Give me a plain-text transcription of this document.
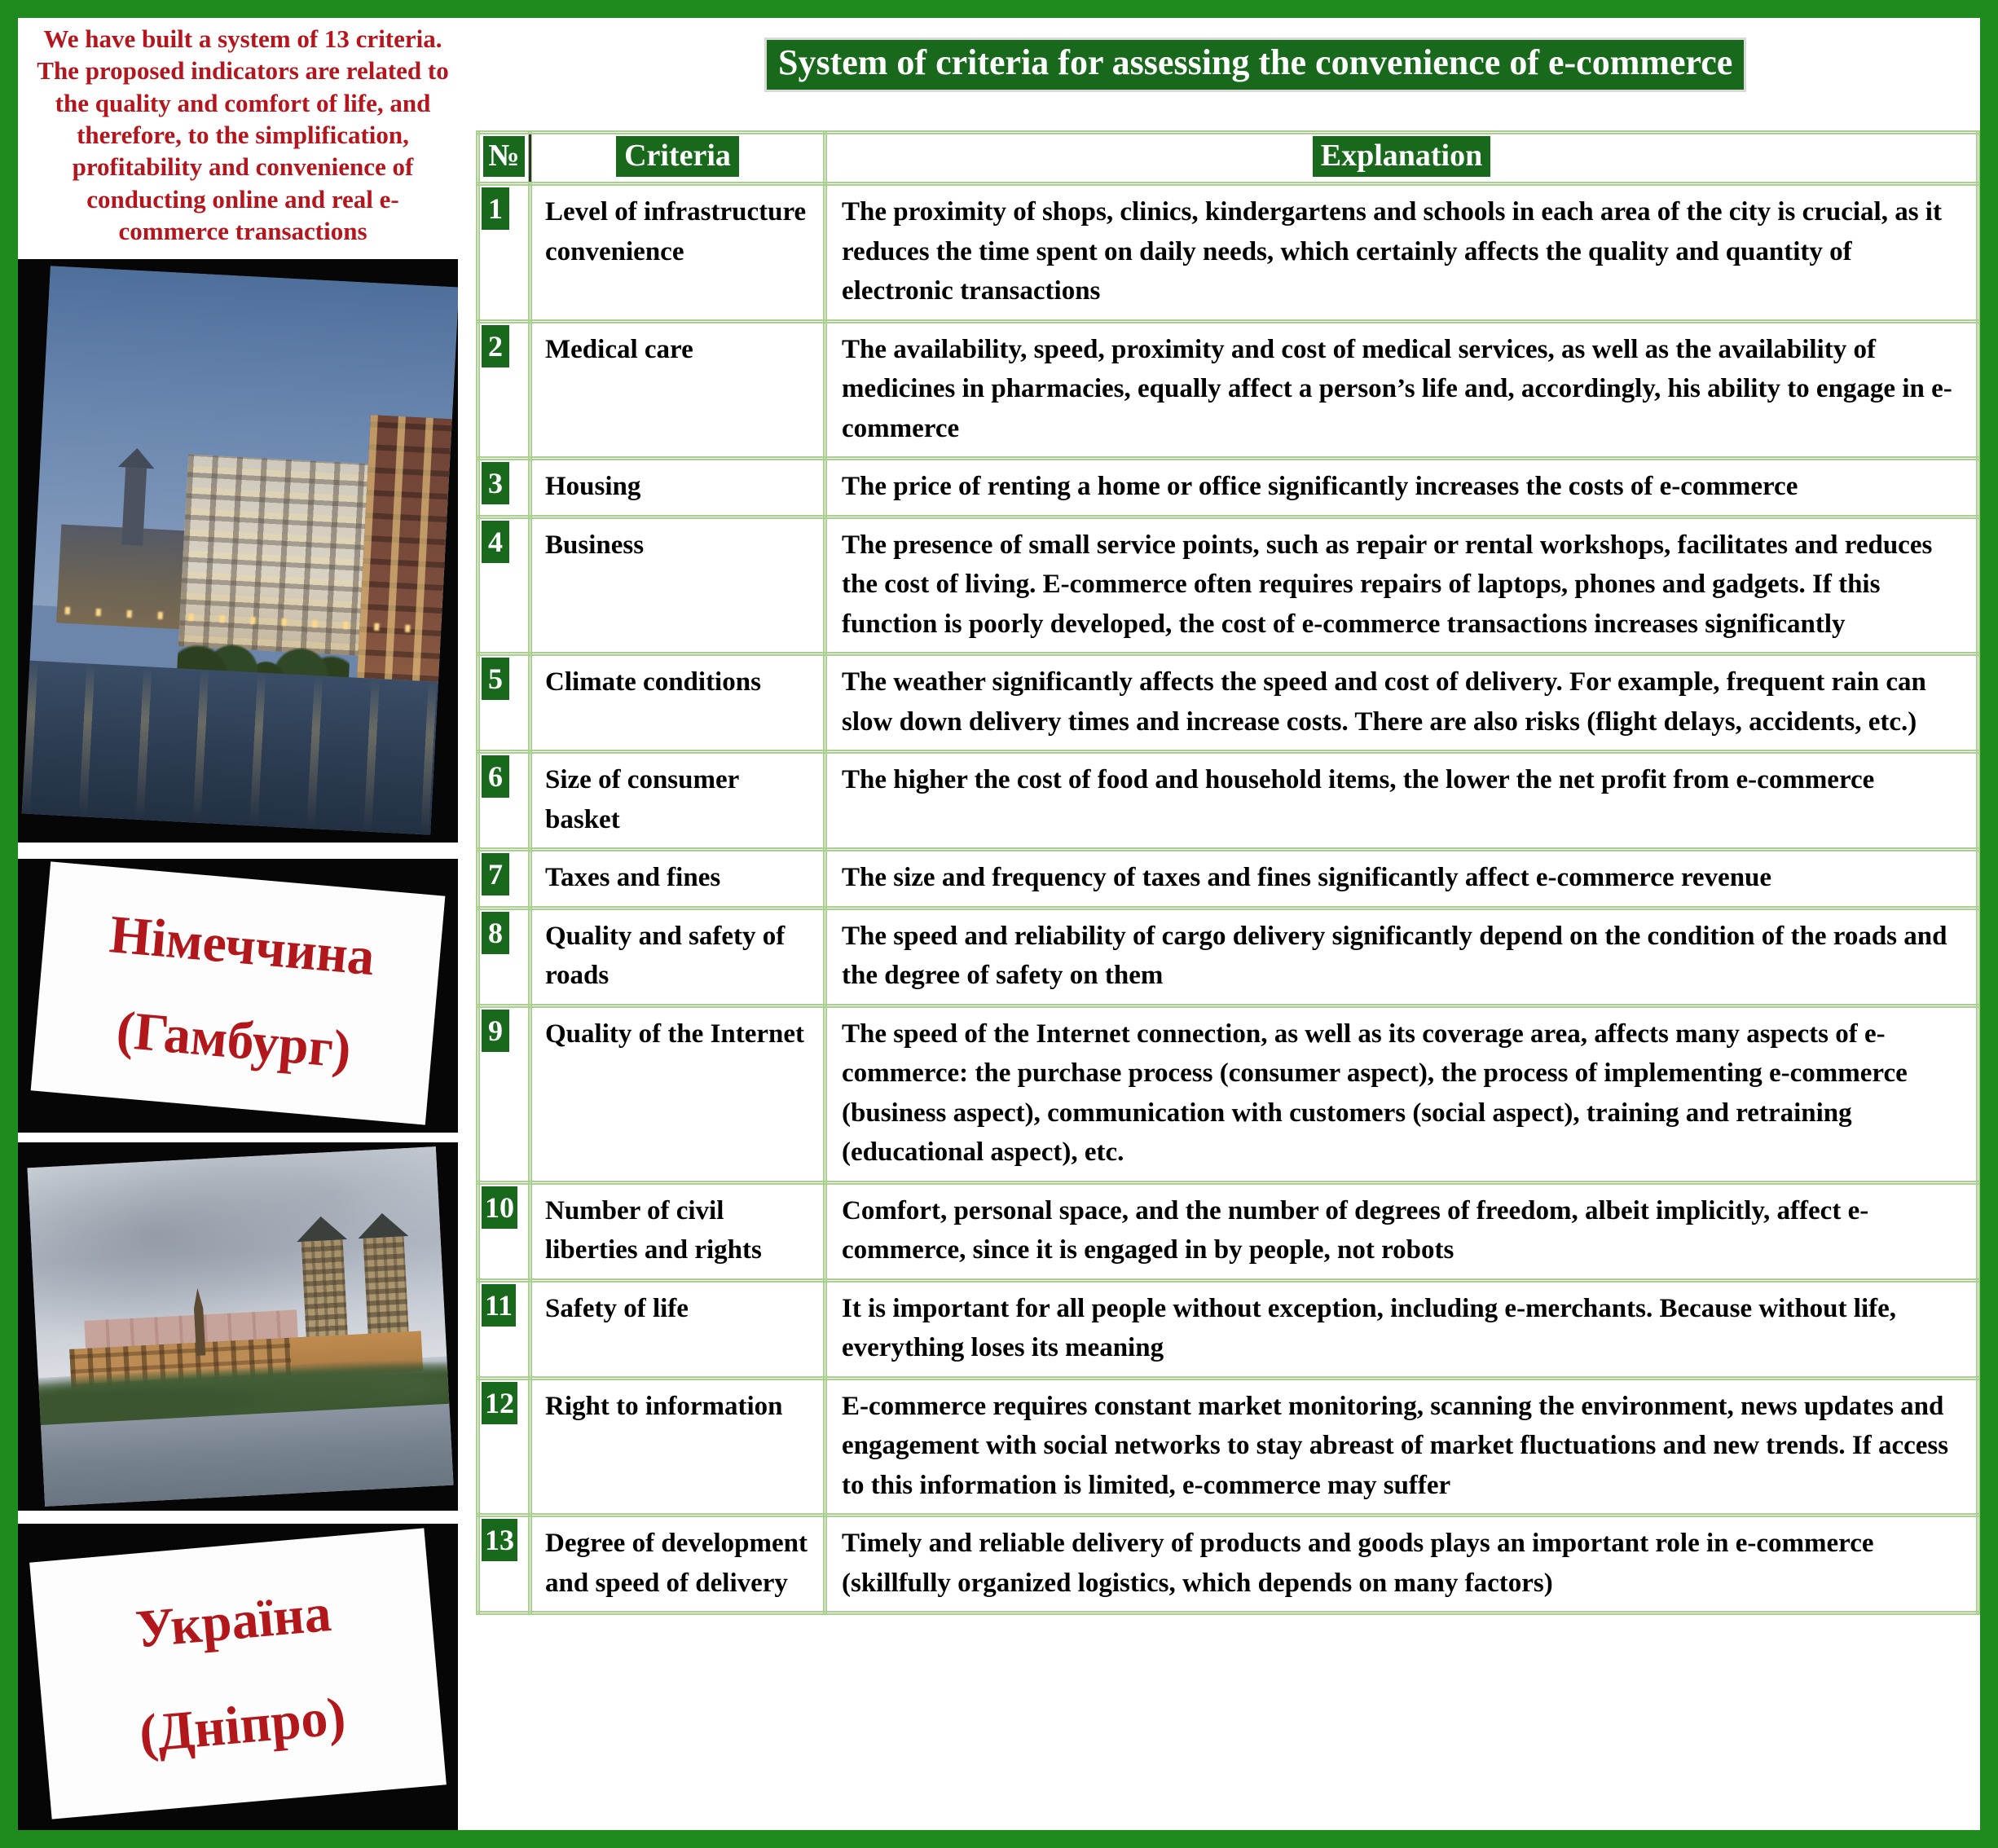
We have built a system of 13 criteria.
The proposed indicators are related to
the quality and comfort of life, and
therefore, to the simplification,
profitability and convenience of
conducting online and real e-
commerce transactions
Німеччина
(Гамбург)
Україна
(Дніпро)
System of criteria for assessing the convenience of e-commerce
№	Criteria	Explanation
1	Level of infrastructure convenience	The proximity of shops, clinics, kindergartens and schools in each area of the city is crucial, as it reduces the time spent on daily needs, which certainly affects the quality and quantity of electronic transactions
2	Medical care	The availability, speed, proximity and cost of medical services, as well as the availability of medicines in pharmacies, equally affect a person’s life and, accordingly, his ability to engage in e-commerce
3	Housing	The price of renting a home or office significantly increases the costs of e-commerce
4	Business	The presence of small service points, such as repair or rental workshops, facilitates and reduces the cost of living. E-commerce often requires repairs of laptops, phones and gadgets. If this function is poorly developed, the cost of e-commerce transactions increases significantly
5	Climate conditions	The weather significantly affects the speed and cost of delivery. For example, frequent rain can slow down delivery times and increase costs. There are also risks (flight delays, accidents, etc.)
6	Size of consumer basket	The higher the cost of food and household items, the lower the net profit from e-commerce
7	Taxes and fines	The size and frequency of taxes and fines significantly affect e-commerce revenue
8	Quality and safety of roads	The speed and reliability of cargo delivery significantly depend on the condition of the roads and the degree of safety on them
9	Quality of the Internet	The speed of the Internet connection, as well as its coverage area, affects many aspects of e-commerce: the purchase process (consumer aspect), the process of implementing e-commerce (business aspect), communication with customers (social aspect), training and retraining (educational aspect), etc.
10	Number of civil liberties and rights	Comfort, personal space, and the number of degrees of freedom, albeit implicitly, affect e-commerce, since it is engaged in by people, not robots
11	Safety of life	It is important for all people without exception, including e-merchants. Because without life, everything loses its meaning
12	Right to information	E-commerce requires constant market monitoring, scanning the environment, news updates and engagement with social networks to stay abreast of market fluctuations and new trends. If access to this information is limited, e-commerce may suffer
13	Degree of development and speed of delivery	Timely and reliable delivery of products and goods plays an important role in e-commerce (skillfully organized logistics, which depends on many factors)
